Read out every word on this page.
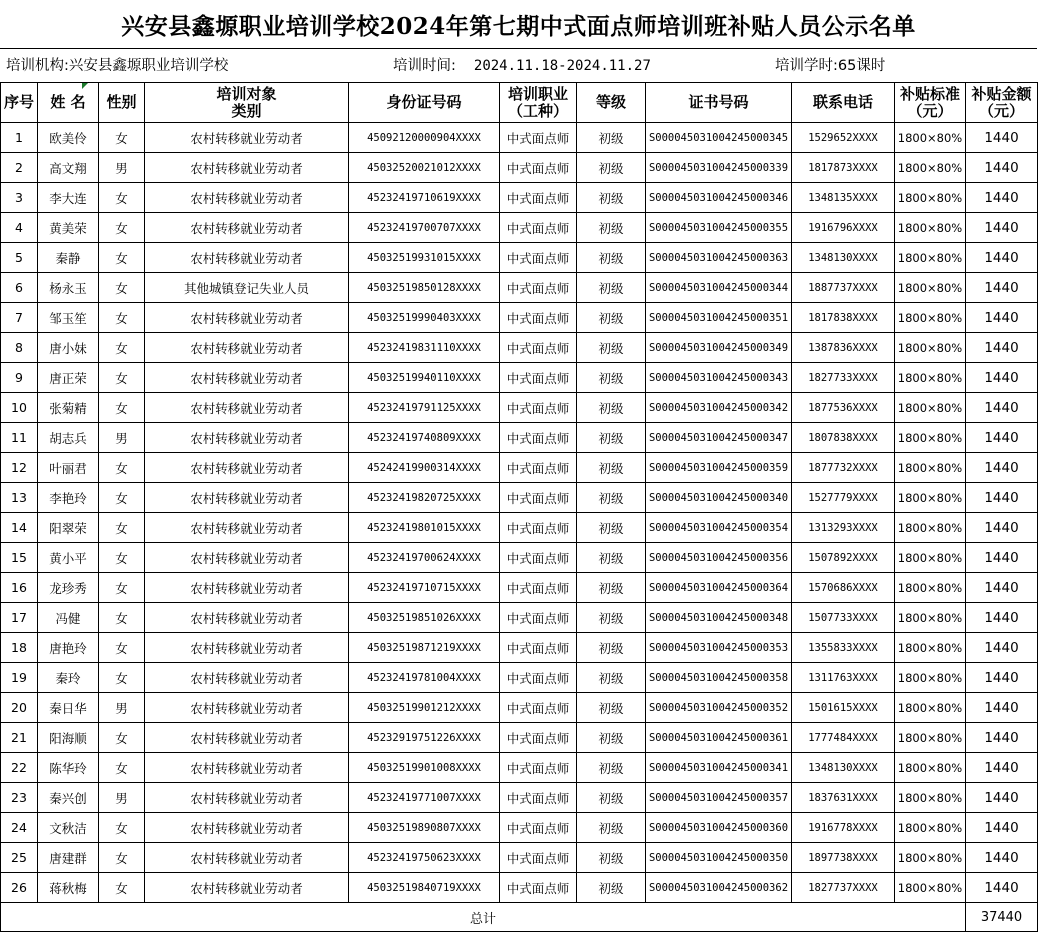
兴安县鑫塬职业培训学校2024年第七期中式面点师培训班补贴人员公示名单
培训机构:兴安县鑫塬职业培训学校	培训时间: 2024.11.18-2024.11.27	培训学时:65课时
序号	姓 名	性别	培训对象类别	身份证号码	培训职业（工种）	等级	证书号码	联系电话	补贴标准（元）	补贴金额（元）

1	欧美伶	女	农村转移就业劳动者	45092120000904XXXX	中式面点师	初级	S000045031004245000345	1529652XXXX	1800×80%	1440
2	高文翔	男	农村转移就业劳动者	45032520021012XXXX	中式面点师	初级	S000045031004245000339	1817873XXXX	1800×80%	1440
3	李大连	女	农村转移就业劳动者	45232419710619XXXX	中式面点师	初级	S000045031004245000346	1348135XXXX	1800×80%	1440
4	黄美荣	女	农村转移就业劳动者	45232419700707XXXX	中式面点师	初级	S000045031004245000355	1916796XXXX	1800×80%	1440
5	秦静	女	农村转移就业劳动者	45032519931015XXXX	中式面点师	初级	S000045031004245000363	1348130XXXX	1800×80%	1440
6	杨永玉	女	其他城镇登记失业人员	45032519850128XXXX	中式面点师	初级	S000045031004245000344	1887737XXXX	1800×80%	1440
7	邹玉笙	女	农村转移就业劳动者	45032519990403XXXX	中式面点师	初级	S000045031004245000351	1817838XXXX	1800×80%	1440
8	唐小妹	女	农村转移就业劳动者	45232419831110XXXX	中式面点师	初级	S000045031004245000349	1387836XXXX	1800×80%	1440
9	唐正荣	女	农村转移就业劳动者	45032519940110XXXX	中式面点师	初级	S000045031004245000343	1827733XXXX	1800×80%	1440
10	张菊精	女	农村转移就业劳动者	45232419791125XXXX	中式面点师	初级	S000045031004245000342	1877536XXXX	1800×80%	1440
11	胡志兵	男	农村转移就业劳动者	45232419740809XXXX	中式面点师	初级	S000045031004245000347	1807838XXXX	1800×80%	1440
12	叶丽君	女	农村转移就业劳动者	45242419900314XXXX	中式面点师	初级	S000045031004245000359	1877732XXXX	1800×80%	1440
13	李艳玲	女	农村转移就业劳动者	45232419820725XXXX	中式面点师	初级	S000045031004245000340	1527779XXXX	1800×80%	1440
14	阳翠荣	女	农村转移就业劳动者	45232419801015XXXX	中式面点师	初级	S000045031004245000354	1313293XXXX	1800×80%	1440
15	黄小平	女	农村转移就业劳动者	45232419700624XXXX	中式面点师	初级	S000045031004245000356	1507892XXXX	1800×80%	1440
16	龙珍秀	女	农村转移就业劳动者	45232419710715XXXX	中式面点师	初级	S000045031004245000364	1570686XXXX	1800×80%	1440
17	冯健	女	农村转移就业劳动者	45032519851026XXXX	中式面点师	初级	S000045031004245000348	1507733XXXX	1800×80%	1440
18	唐艳玲	女	农村转移就业劳动者	45032519871219XXXX	中式面点师	初级	S000045031004245000353	1355833XXXX	1800×80%	1440
19	秦玲	女	农村转移就业劳动者	45232419781004XXXX	中式面点师	初级	S000045031004245000358	1311763XXXX	1800×80%	1440
20	秦日华	男	农村转移就业劳动者	45032519901212XXXX	中式面点师	初级	S000045031004245000352	1501615XXXX	1800×80%	1440
21	阳海顺	女	农村转移就业劳动者	45232919751226XXXX	中式面点师	初级	S000045031004245000361	1777484XXXX	1800×80%	1440
22	陈华玲	女	农村转移就业劳动者	45032519901008XXXX	中式面点师	初级	S000045031004245000341	1348130XXXX	1800×80%	1440
23	秦兴创	男	农村转移就业劳动者	45232419771007XXXX	中式面点师	初级	S000045031004245000357	1837631XXXX	1800×80%	1440
24	文秋洁	女	农村转移就业劳动者	45032519890807XXXX	中式面点师	初级	S000045031004245000360	1916778XXXX	1800×80%	1440
25	唐建群	女	农村转移就业劳动者	45232419750623XXXX	中式面点师	初级	S000045031004245000350	1897738XXXX	1800×80%	1440
26	蒋秋梅	女	农村转移就业劳动者	45032519840719XXXX	中式面点师	初级	S000045031004245000362	1827737XXXX	1800×80%	1440
总计										37440
